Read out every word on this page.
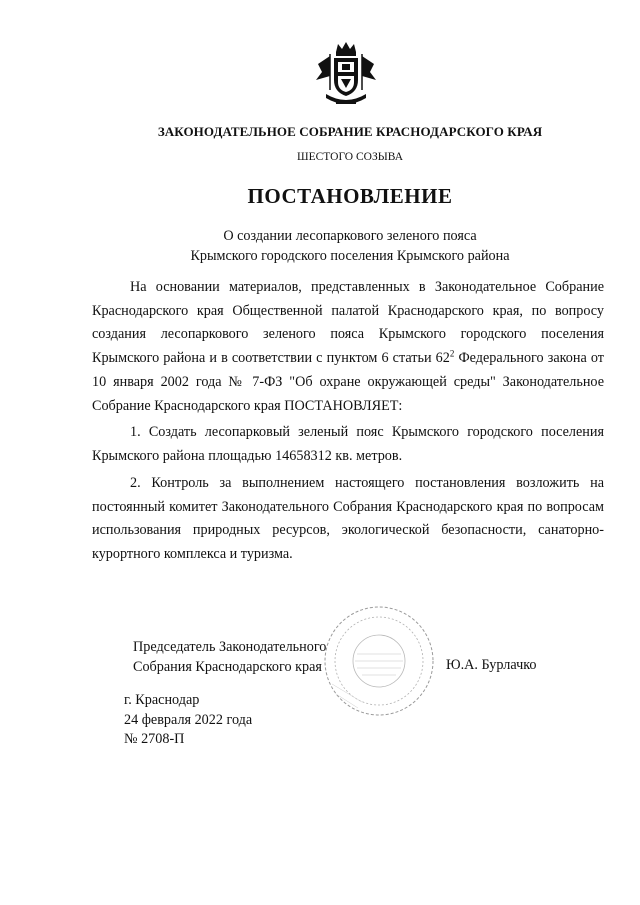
ЗАКОНОДАТЕЛЬНОЕ СОБРАНИЕ КРАСНОДАРСКОГО КРАЯ
ШЕСТОГО СОЗЫВА
ПОСТАНОВЛЕНИЕ
О создании лесопаркового зеленого пояса
Крымского городского поселения Крымского района

На основании материалов, представленных в Законодательное Собрание Краснодарского края Общественной палатой Краснодарского края, по вопросу создания лесопаркового зеленого пояса Крымского городского поселения Крымского района и в соответствии с пунктом 6 статьи $62^2$ Федерального закона от 10 января 2002 года № 7-ФЗ "Об охране окружающей среды" Законодательное Собрание Краснодарского края ПОСТАНОВЛЯЕТ:

1. Создать лесопарковый зеленый пояс Крымского городского поселения Крымского района площадью 14658312 кв. метров.

2. Контроль за выполнением настоящего постановления возложить на постоянный комитет Законодательного Собрания Краснодарского края по вопросам использования природных ресурсов, экологической безопасности, санаторно-курортного комплекса и туризма.

Председатель Законодательного
Собрания Краснодарского края	Ю.А. Бурлачко
г. Краснодар
24 февраля 2022 года
№ 2708-П
